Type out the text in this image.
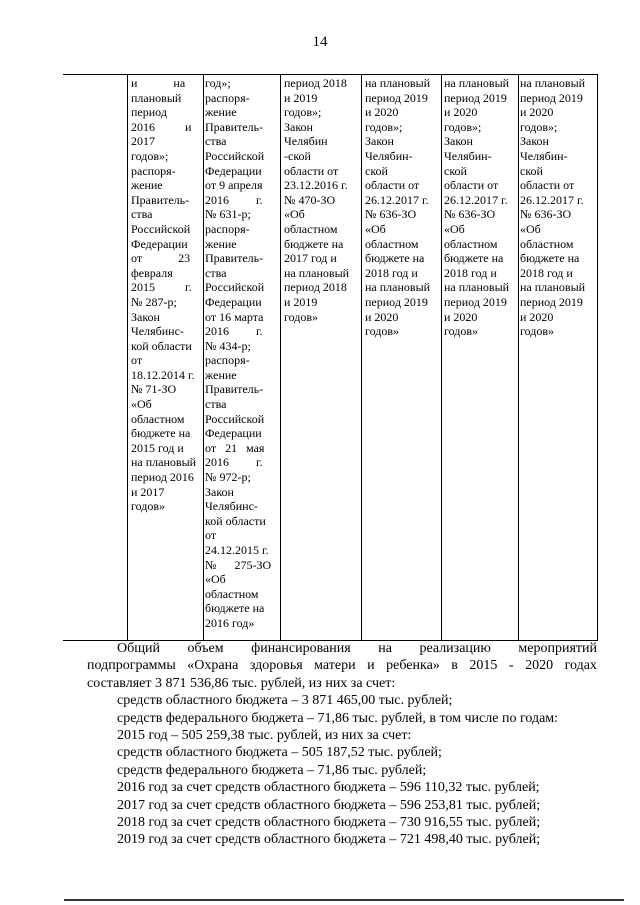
14
и            на
плановый
период
2016          и
2017
годов»;
распоря-
жение
Правитель-
ства
Российской
Федерации
от            23
февраля
2015          г.
№ 287-р;
Закон
Челябинс-
кой области
от
18.12.2014 г.
№ 71-ЗО
«Об
областном
бюджете на
2015 год и
на плановый
период 2016
и 2017
годов»
год»;
распоря-
жение
Правитель-
ства
Российской
Федерации
от 9 апреля
2016         г.
№ 631-р;
распоря-
жение
Правитель-
ства
Российской
Федерации
от 16 марта
2016         г.
№ 434-р;
распоря-
жение
Правитель-
ства
Российской
Федерации
от   21   мая
2016         г.
№ 972-р;
Закон
Челябинс-
кой области
от
24.12.2015 г.
№      275-ЗО
«Об
областном
бюджете на
2016 год»
период 2018
и 2019
годов»;
Закон
Челябин
-ской
области от
23.12.2016 г.
№ 470-ЗО
«Об
областном
бюджете на
2017 год и
на плановый
период 2018
и 2019
годов»
на плановый
период 2019
и 2020
годов»;
Закон
Челябин-
ской
области от
26.12.2017 г.
№ 636-ЗО
«Об
областном
бюджете на
2018 год и
на плановый
период 2019
и 2020
годов»
на плановый
период 2019
и 2020
годов»;
Закон
Челябин-
ской
области от
26.12.2017 г.
№ 636-ЗО
«Об
областном
бюджете на
2018 год и
на плановый
период 2019
и 2020
годов»
на плановый
период 2019
и 2020
годов»;
Закон
Челябин-
ской
области от
26.12.2017 г.
№ 636-ЗО
«Об
областном
бюджете на
2018 год и
на плановый
период 2019
и 2020
годов»
Общий объем финансирования на реализацию мероприятий
подпрограммы «Охрана здоровья матери и ребенка» в 2015 - 2020 годах
составляет 3 871 536,86 тыс. рублей, из них за счет:
средств областного бюджета – 3 871 465,00 тыс. рублей;
средств федерального бюджета – 71,86 тыс. рублей, в том числе по годам:
2015 год – 505 259,38 тыс. рублей, из них за счет:
средств областного бюджета – 505 187,52 тыс. рублей;
средств федерального бюджета – 71,86 тыс. рублей;
2016 год за счет средств областного бюджета – 596 110,32 тыс. рублей;
2017 год за счет средств областного бюджета – 596 253,81 тыс. рублей;
2018 год за счет средств областного бюджета – 730 916,55 тыс. рублей;
2019 год за счет средств областного бюджета – 721 498,40 тыс. рублей;
